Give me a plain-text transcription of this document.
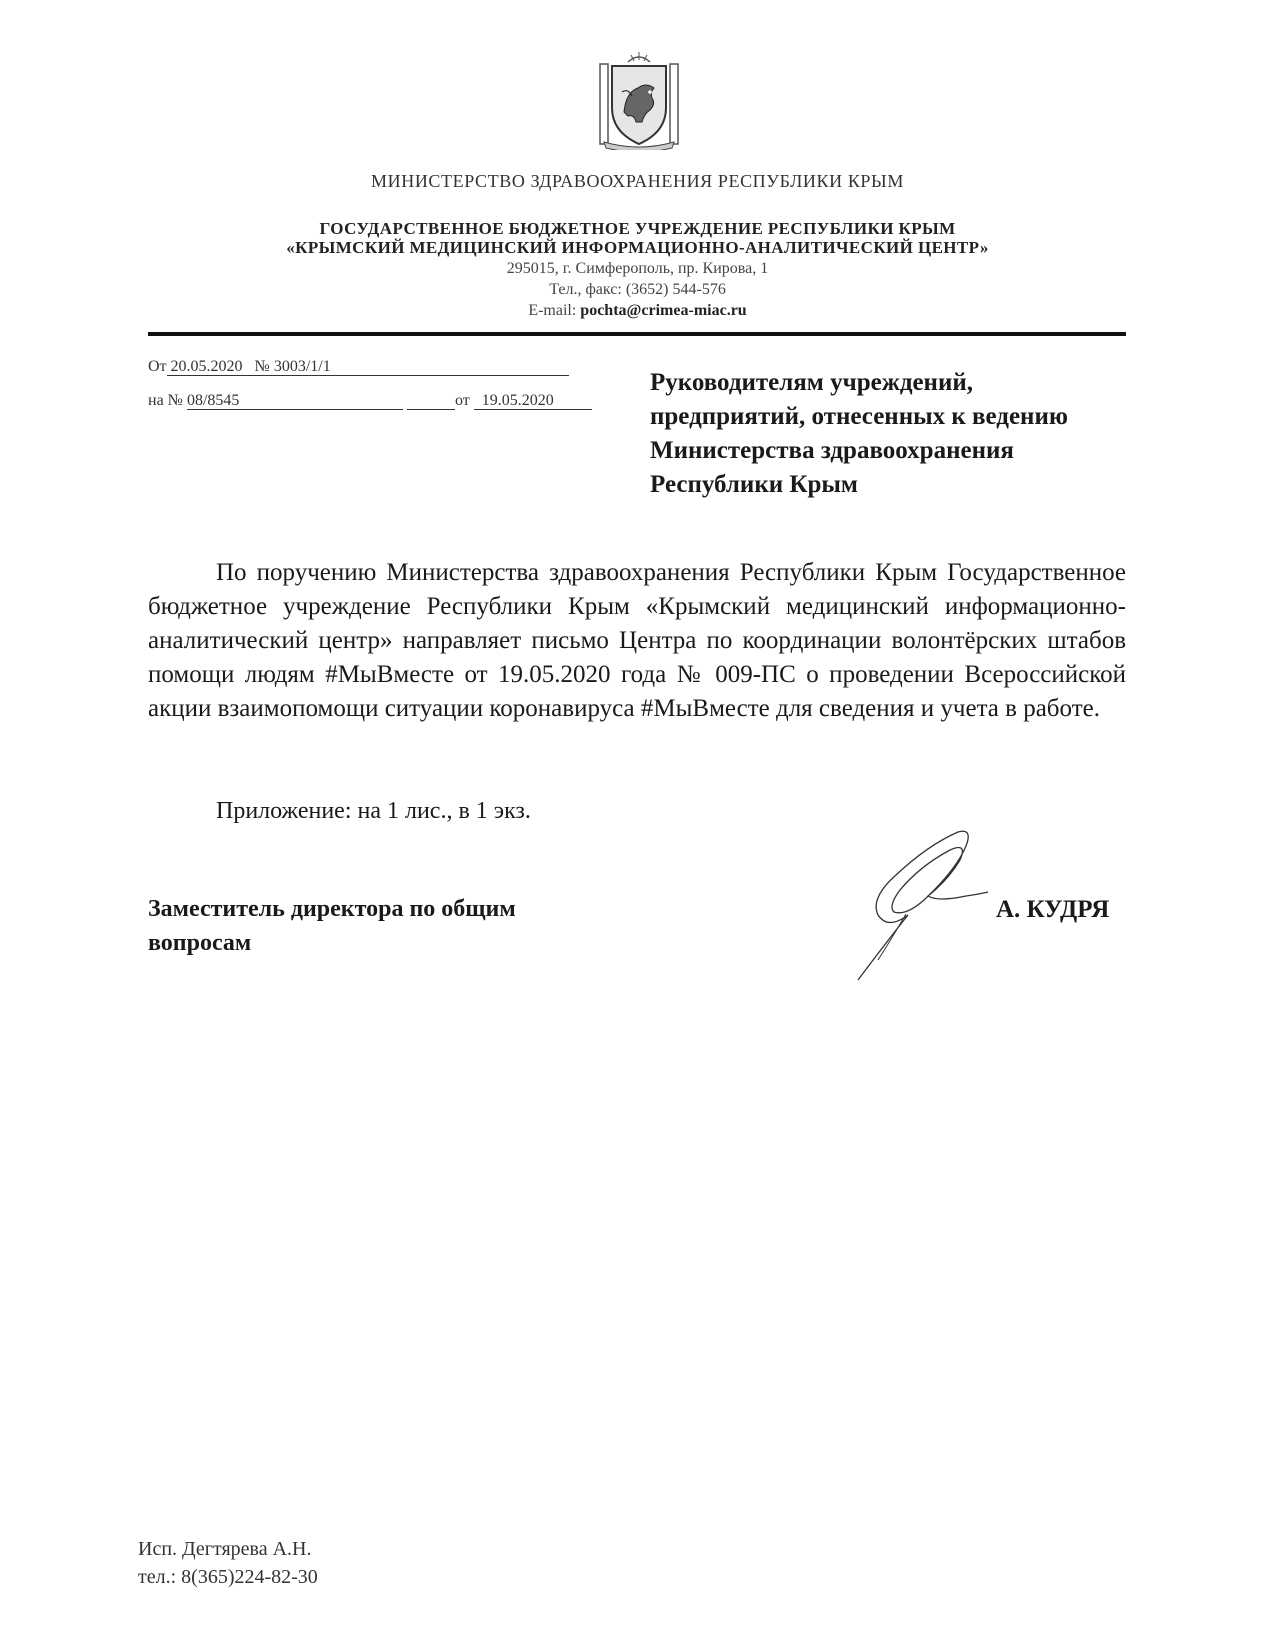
МИНИСТЕРСТВО ЗДРАВООХРАНЕНИЯ РЕСПУБЛИКИ КРЫМ
ГОСУДАРСТВЕННОЕ БЮДЖЕТНОЕ УЧРЕЖДЕНИЕ РЕСПУБЛИКИ КРЫМ
«КРЫМСКИЙ МЕДИЦИНСКИЙ ИНФОРМАЦИОННО-АНАЛИТИЧЕСКИЙ ЦЕНТР»
295015, г. Симферополь, пр. Кирова, 1
Тел., факс: (3652) 544-576
E-mail: pochta@crimea-miac.ru
От 20.05.2020 № 3003/1/1
на № 08/8545	от 19.05.2020
Руководителям учреждений,
предприятий, отнесенных к ведению
Министерства здравоохранения
Республики Крым
По поручению Министерства здравоохранения Республики Крым Государственное бюджетное учреждение Республики Крым «Крымский медицинский информационно-аналитический центр» направляет письмо Центра по координации волонтёрских штабов помощи людям #МыВместе от 19.05.2020 года № 009-ПС о проведении Всероссийской акции взаимопомощи ситуации коронавируса #МыВместе для сведения и учета в работе.
Приложение: на 1 лис., в 1 экз.
Заместитель директора по общим
вопросам
А. КУДРЯ
Исп. Дегтярева А.Н.
тел.: 8(365)224-82-30
